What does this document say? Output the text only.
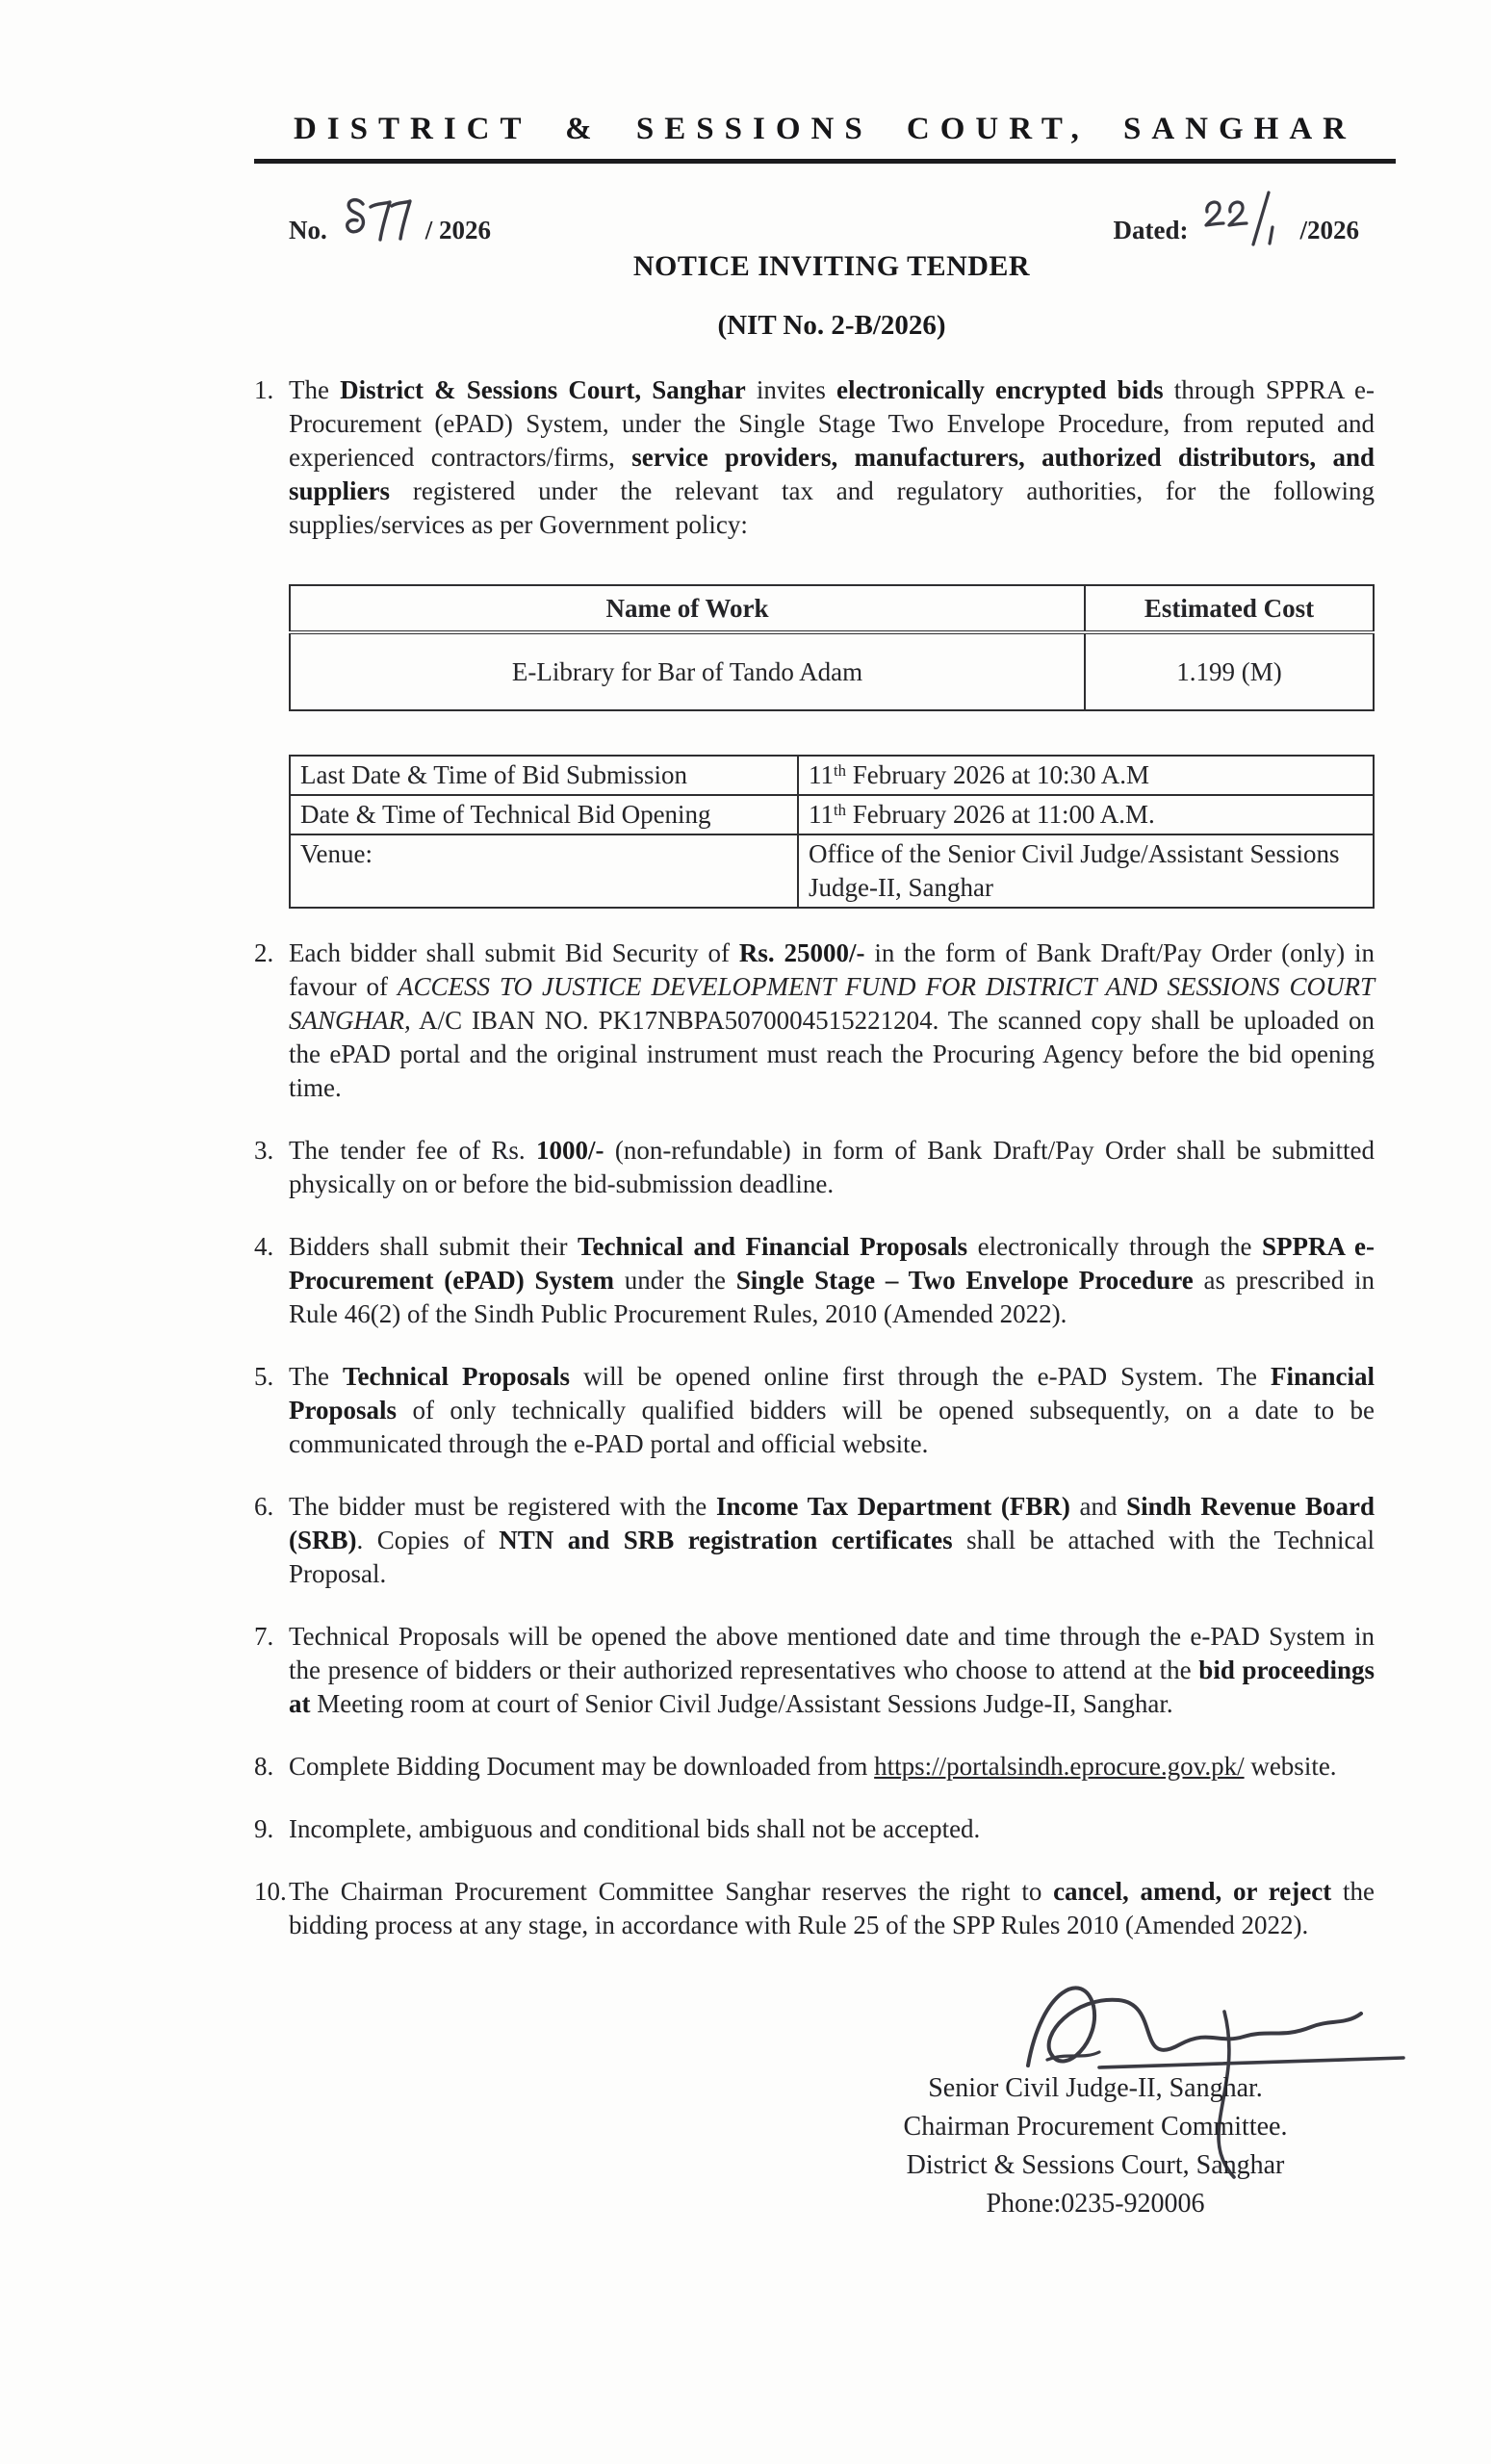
DISTRICT & SESSIONS COURT, SANGHAR
No.	/ 2026	Dated:	/2026
NOTICE INVITING TENDER
(NIT No. 2-B/2026)
1. The District & Sessions Court, Sanghar invites electronically encrypted bids through SPPRA e-Procurement (ePAD) System, under the Single Stage Two Envelope Procedure, from reputed and experienced contractors/firms, service providers, manufacturers, authorized distributors, and suppliers registered under the relevant tax and regulatory authorities, for the following supplies/services as per Government policy:
Name of Work	Estimated Cost
E-Library for Bar of Tando Adam	1.199 (M)
Last Date & Time of Bid Submission	11th February 2026 at 10:30 A.M
Date & Time of Technical Bid Opening	11th February 2026 at 11:00 A.M.
Venue:	Office of the Senior Civil Judge/Assistant Sessions Judge-II, Sanghar
2. Each bidder shall submit Bid Security of Rs. 25000/- in the form of Bank Draft/Pay Order (only) in favour of ACCESS TO JUSTICE DEVELOPMENT FUND FOR DISTRICT AND SESSIONS COURT SANGHAR, A/C IBAN NO. PK17NBPA5070004515221204. The scanned copy shall be uploaded on the ePAD portal and the original instrument must reach the Procuring Agency before the bid opening time.
3. The tender fee of Rs. 1000/- (non-refundable) in form of Bank Draft/Pay Order shall be submitted physically on or before the bid-submission deadline.
4. Bidders shall submit their Technical and Financial Proposals electronically through the SPPRA e-Procurement (ePAD) System under the Single Stage – Two Envelope Procedure as prescribed in Rule 46(2) of the Sindh Public Procurement Rules, 2010 (Amended 2022).
5. The Technical Proposals will be opened online first through the e-PAD System. The Financial Proposals of only technically qualified bidders will be opened subsequently, on a date to be communicated through the e-PAD portal and official website.
6. The bidder must be registered with the Income Tax Department (FBR) and Sindh Revenue Board (SRB). Copies of NTN and SRB registration certificates shall be attached with the Technical Proposal.
7. Technical Proposals will be opened the above mentioned date and time through the e-PAD System in the presence of bidders or their authorized representatives who choose to attend at the bid proceedings at Meeting room at court of Senior Civil Judge/Assistant Sessions Judge-II, Sanghar.
8. Complete Bidding Document may be downloaded from https://portalsindh.eprocure.gov.pk/ website.
9. Incomplete, ambiguous and conditional bids shall not be accepted.
10. The Chairman Procurement Committee Sanghar reserves the right to cancel, amend, or reject the bidding process at any stage, in accordance with Rule 25 of the SPP Rules 2010 (Amended 2022).
Senior Civil Judge-II, Sanghar.
Chairman Procurement Committee.
District & Sessions Court, Sanghar
Phone:0235-920006
